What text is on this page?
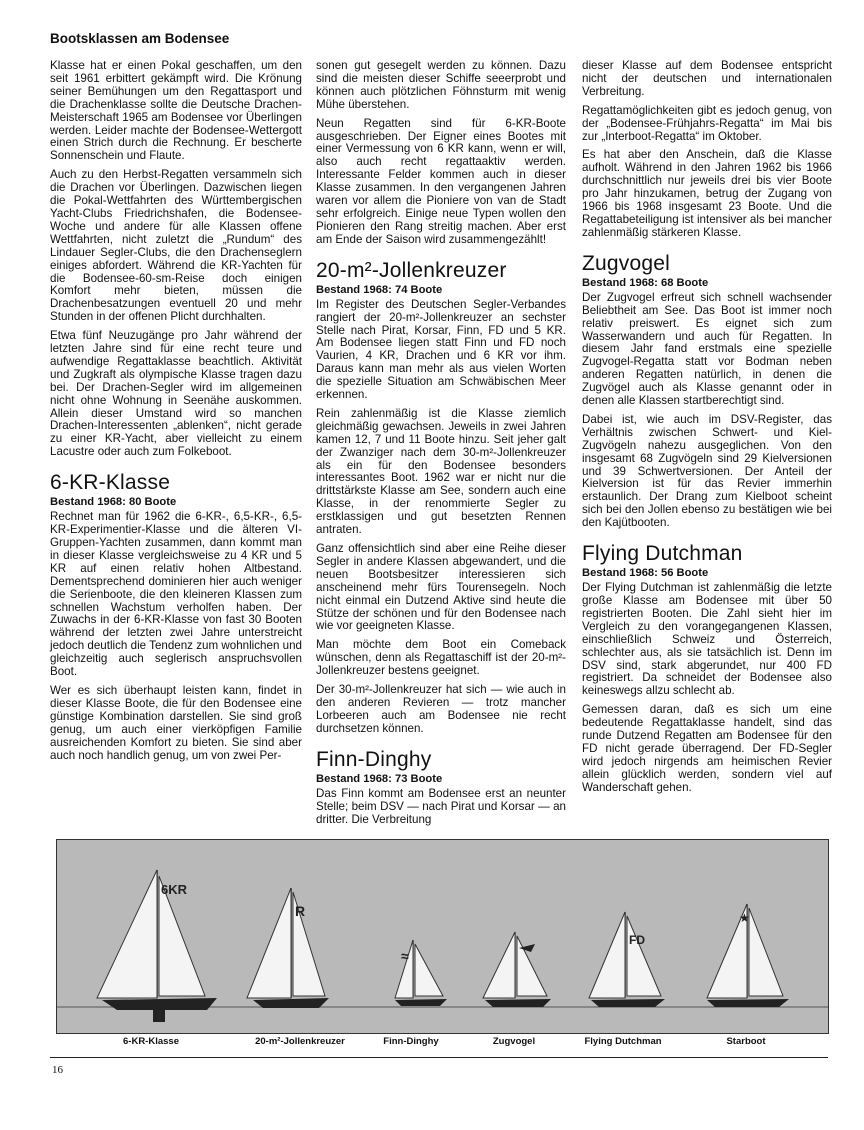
Bootsklassen am Bodensee

Klasse hat er einen Pokal geschaffen, um den seit 1961 erbittert gekämpft wird. Die Krönung seiner Bemühungen um den Regattasport und die Drachenklasse sollte die Deutsche Drachen-Meisterschaft 1965 am Bodensee vor Überlingen werden. Leider machte der Bodensee-Wettergott einen Strich durch die Rechnung. Er bescherte Sonnenschein und Flaute.

Auch zu den Herbst-Regatten versammeln sich die Drachen vor Überlingen. Dazwischen liegen die Pokal-Wettfahrten des Württembergischen Yacht-Clubs Friedrichshafen, die Bodensee-Woche und andere für alle Klassen offene Wettfahrten, nicht zuletzt die „Rundum“ des Lindauer Segler-Clubs, die den Drachenseglern einiges abfordert. Während die KR-Yachten für die Bodensee-60-sm-Reise doch einigen Komfort mehr bieten, müssen die Drachenbesatzungen eventuell 20 und mehr Stunden in der offenen Plicht durchhalten.

Etwa fünf Neuzugänge pro Jahr während der letzten Jahre sind für eine recht teure und aufwendige Regattaklasse beachtlich. Aktivität und Zugkraft als olympische Klasse tragen dazu bei. Der Drachen-Segler wird im allgemeinen nicht ohne Wohnung in Seenähe auskommen. Allein dieser Umstand wird so manchen Drachen-Interessenten „ablenken“, nicht gerade zu einer KR-Yacht, aber vielleicht zu einem Lacustre oder auch zum Folkeboot.

6-KR-Klasse
Bestand 1968: 80 Boote

Rechnet man für 1962 die 6-KR-, 6,5-KR-, 6,5-KR-Experimentier-Klasse und die älteren VI-Gruppen-Yachten zusammen, dann kommt man in dieser Klasse vergleichsweise zu 4 KR und 5 KR auf einen relativ hohen Altbestand. Dementsprechend dominieren hier auch weniger die Serienboote, die den kleineren Klassen zum schnellen Wachstum verholfen haben. Der Zuwachs in der 6-KR-Klasse von fast 30 Booten während der letzten zwei Jahre unterstreicht jedoch deutlich die Tendenz zum wohnlichen und gleichzeitig auch seglerisch anspruchsvollen Boot.

Wer es sich überhaupt leisten kann, findet in dieser Klasse Boote, die für den Bodensee eine günstige Kombination darstellen. Sie sind groß genug, um auch einer vierköpfigen Familie ausreichenden Komfort zu bieten. Sie sind aber auch noch handlich genug, um von zwei Per-

sonen gut gesegelt werden zu können. Dazu sind die meisten dieser Schiffe seeerprobt und können auch plötzlichen Föhnsturm mit wenig Mühe überstehen.

Neun Regatten sind für 6-KR-Boote ausgeschrieben. Der Eigner eines Bootes mit einer Vermessung von 6 KR kann, wenn er will, also auch recht regattaaktiv werden. Interessante Felder kommen auch in dieser Klasse zusammen. In den vergangenen Jahren waren vor allem die Pioniere von van de Stadt sehr erfolgreich. Einige neue Typen wollen den Pionieren den Rang streitig machen. Aber erst am Ende der Saison wird zusammengezählt!

20-m²-Jollenkreuzer
Bestand 1968: 74 Boote

Im Register des Deutschen Segler-Verbandes rangiert der 20-m²-Jollenkreuzer an sechster Stelle nach Pirat, Korsar, Finn, FD und 5 KR. Am Bodensee liegen statt Finn und FD noch Vaurien, 4 KR, Drachen und 6 KR vor ihm. Daraus kann man mehr als aus vielen Worten die spezielle Situation am Schwäbischen Meer erkennen.

Rein zahlenmäßig ist die Klasse ziemlich gleichmäßig gewachsen. Jeweils in zwei Jahren kamen 12, 7 und 11 Boote hinzu. Seit jeher galt der Zwanziger nach dem 30-m²-Jollenkreuzer als ein für den Bodensee besonders interessantes Boot. 1962 war er nicht nur die drittstärkste Klasse am See, sondern auch eine Klasse, in der renommierte Segler zu erstklassigen und gut besetzten Rennen antraten.

Ganz offensichtlich sind aber eine Reihe dieser Segler in andere Klassen abgewandert, und die neuen Bootsbesitzer interessieren sich anscheinend mehr fürs Tourensegeln. Noch nicht einmal ein Dutzend Aktive sind heute die Stütze der schönen und für den Bodensee nach wie vor geeigneten Klasse.

Man möchte dem Boot ein Comeback wünschen, denn als Regattaschiff ist der 20-m²-Jollenkreuzer bestens geeignet.

Der 30-m²-Jollenkreuzer hat sich — wie auch in den anderen Revieren — trotz mancher Lorbeeren auch am Bodensee nie recht durchsetzen können.

Finn-Dinghy
Bestand 1968: 73 Boote

Das Finn kommt am Bodensee erst an neunter Stelle; beim DSV — nach Pirat und Korsar — an dritter. Die Verbreitung

dieser Klasse auf dem Bodensee entspricht nicht der deutschen und internationalen Verbreitung.

Regattamöglichkeiten gibt es jedoch genug, von der „Bodensee-Frühjahrs-Regatta“ im Mai bis zur „Interboot-Regatta“ im Oktober.

Es hat aber den Anschein, daß die Klasse aufholt. Während in den Jahren 1962 bis 1966 durchschnittlich nur jeweils drei bis vier Boote pro Jahr hinzukamen, betrug der Zugang von 1966 bis 1968 insgesamt 23 Boote. Und die Regattabeteiligung ist intensiver als bei mancher zahlenmäßig stärkeren Klasse.

Zugvogel
Bestand 1968: 68 Boote

Der Zugvogel erfreut sich schnell wachsender Beliebtheit am See. Das Boot ist immer noch relativ preiswert. Es eignet sich zum Wasserwandern und auch für Regatten. In diesem Jahr fand erstmals eine spezielle Zugvogel-Regatta statt vor Bodman neben anderen Regatten natürlich, in denen die Zugvögel auch als Klasse genannt oder in denen alle Klassen startberechtigt sind.

Dabei ist, wie auch im DSV-Register, das Verhältnis zwischen Schwert- und Kiel-Zugvögeln nahezu ausgeglichen. Von den insgesamt 68 Zugvögeln sind 29 Kielversionen und 39 Schwertversionen. Der Anteil der Kielversion ist für das Revier immerhin erstaunlich. Der Drang zum Kielboot scheint sich bei den Jollen ebenso zu bestätigen wie bei den Kajütbooten.

Flying Dutchman
Bestand 1968: 56 Boote

Der Flying Dutchman ist zahlenmäßig die letzte große Klasse am Bodensee mit über 50 registrierten Booten. Die Zahl sieht hier im Vergleich zu den vorangegangenen Klassen, einschließlich Schweiz und Österreich, schlechter aus, als sie tatsächlich ist. Denn im DSV sind, stark abgerundet, nur 400 FD registriert. Da schneidet der Bodensee also keineswegs allzu schlecht ab.

Gemessen daran, daß es sich um eine bedeutende Regattaklasse handelt, sind das runde Dutzend Regatten am Bodensee für den FD nicht gerade überragend. Der FD-Segler wird jedoch nirgends am heimischen Revier allein glücklich werden, sondern viel auf Wanderschaft gehen.

6KR
R
≈
FD
★
6-KR-Klasse	20-m²-Jollenkreuzer	Finn-Dinghy	Zugvogel	Flying Dutchman	Starboot
16
